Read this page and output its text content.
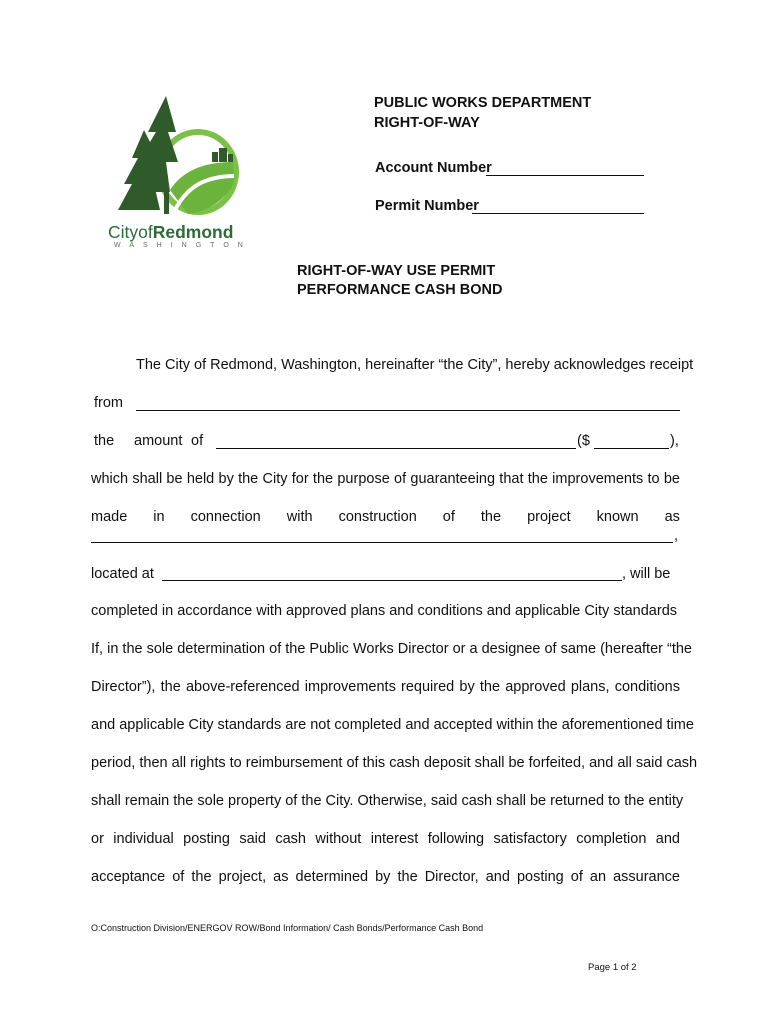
CityofRedmond
WASHINGTON
PUBLIC WORKS DEPARTMENT
RIGHT-OF-WAY
Account Number
Permit Number
RIGHT-OF-WAY USE PERMIT
PERFORMANCE CASH BOND
The City of Redmond, Washington, hereinafter “the City”, hereby acknowledges receipt
from
the amount of	($	),
which shall be held by the City for the purpose of guaranteeing that the improvements to be
made in connection with construction of the project known as
,
located at	, will be
completed in accordance with approved plans and conditions and applicable City standards
If, in the sole determination of the Public Works Director or a designee of same (hereafter “the
Director”), the above-referenced improvements required by the approved plans, conditions
and applicable City standards are not completed and accepted within the aforementioned time
period, then all rights to reimbursement of this cash deposit shall be forfeited, and all said cash
shall remain the sole property of the City. Otherwise, said cash shall be returned to the entity
or individual posting said cash without interest following satisfactory completion and
acceptance of the project, as determined by the Director, and posting of an assurance
O:Construction Division/ENERGOV ROW/Bond Information/ Cash Bonds/Performance Cash Bond
Page 1 of 2
